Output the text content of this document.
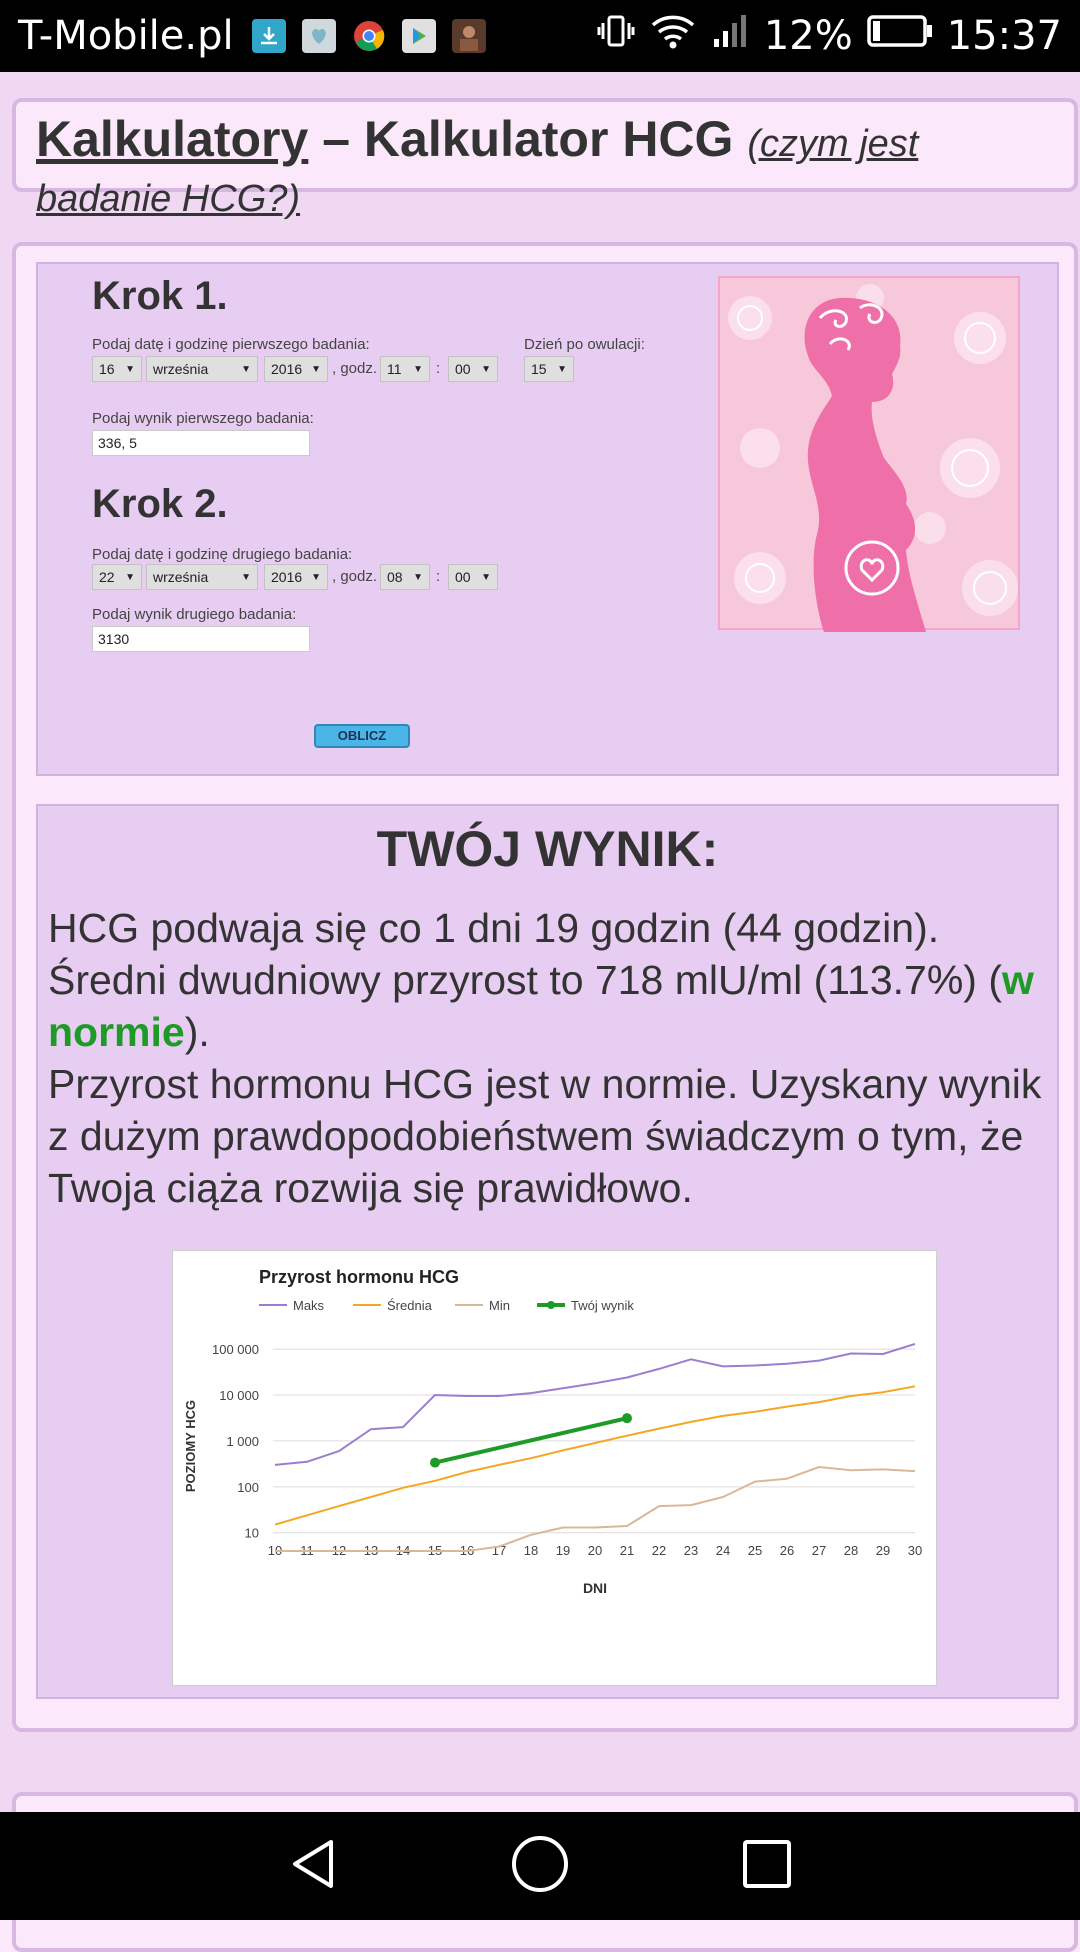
T-Mobile.pl	12% 15:37
Kalkulatory – Kalkulator HCG (czym jest badanie HCG?)
Krok 1.
Podaj datę i godzinę pierwszego badania:
16 ▼ września	▼ 2016 ▼ , godz. 11 ▼ : 00 ▼
Dzień po owulacji:
15 ▼
Podaj wynik pierwszego badania:
336, 5
Krok 2.
Podaj datę i godzinę drugiego badania:
22 ▼ września	▼ 2016 ▼ , godz. 08 ▼ : 00 ▼
Podaj wynik drugiego badania:
3130
OBLICZ
TWÓJ WYNIK:
HCG podwaja się co 1 dni 19 godzin (44 godzin).
Średni dwudniowy przyrost to 718 mlU/ml (113.7%) (w normie).
Przyrost hormonu HCG jest w normie. Uzyskany wynik z dużym prawdopodobieństwem świadczym o tym, że Twoja ciąża rozwija się prawidłowo.
Przyrost hormonu HCG
Maks	Średnia	Min	Twój wynik
10
100
1 000
10 000
100 000
10 11 12 13 14 15 16 17 18 19 20 21 22 23 24 25 26 27 28 29 30
DNI
POZIOMY HCG
